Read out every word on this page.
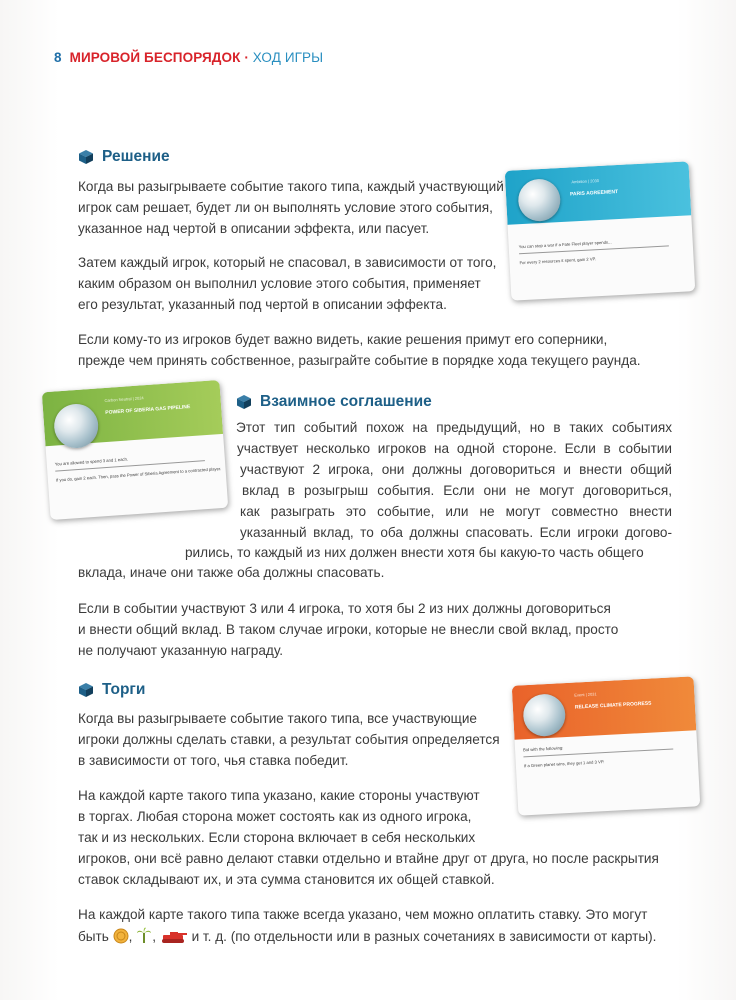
8 МИРОВОЙ БЕСПОРЯДОК · ХОД ИГРЫ
Решение
Когда вы разыгрываете событие такого типа, каждый участвующий
игрок сам решает, будет ли он выполнять условие этого события,
указанное над чертой в описании эффекта, или пасует.
Затем каждый игрок, который не спасовал, в зависимости от того,
каким образом он выполнил условие этого события, применяет
его результат, указанный под чертой в описании эффекта.
Если кому-то из игроков будет важно видеть, какие решения примут его соперники,
прежде чем принять собственное, разыграйте событие в порядке хода текущего раунда.
Ambition | 2030
PARIS AGREEMENT
You can stop a war if a Fate Fleet player spends...
For every 2 resources it spent, gain 2 VP.
Взаимное соглашение
Этот тип событий похож на предыдущий, но в таких событиях
участвует несколько игроков на одной стороне. Если в событии
участвуют 2 игрока, они должны договориться и внести общий
вклад в розыгрыш события. Если они не могут договориться,
как разыграть это событие, или не могут совместно внести
указанный вклад, то оба должны спасовать. Если игроки догово-
рились, то каждый из них должен внести хотя бы какую-то часть общего
вклада, иначе они также оба должны спасовать.
Если в событии участвуют 3 или 4 игрока, то хотя бы 2 из них должны договориться
и внести общий вклад. В таком случае игроки, которые не внесли свой вклад, просто
не получают указанную награду.
Carbon Neutral | 2024
POWER OF SIBERIA GAS PIPELINE
You are allowed to spend 3 and 1 each.
If you do, gain 2 each. Then, pass the Power of Siberia Agreement to a contracted player.
Торги
Когда вы разыгрываете событие такого типа, все участвующие
игроки должны сделать ставки, а результат события определяется
в зависимости от того, чья ставка победит.
На каждой карте такого типа указано, какие стороны участвуют
в торгах. Любая сторона может состоять как из одного игрока,
так и из нескольких. Если сторона включает в себя нескольких
игроков, они всё равно делают ставки отдельно и втайне друг от друга, но после раскрытия
ставок складывают их, и эта сумма становится их общей ставкой.
На каждой карте такого типа также всегда указано, чем можно оплатить ставку. Это могут
быть , ,	и т. д. (по отдельности или в разных сочетаниях в зависимости от карты).
Event | 2031
RELEASE CLIMATE PROGRESS
Bid with the following:
If a Green planet wins, they get 1 and 3 VP.
